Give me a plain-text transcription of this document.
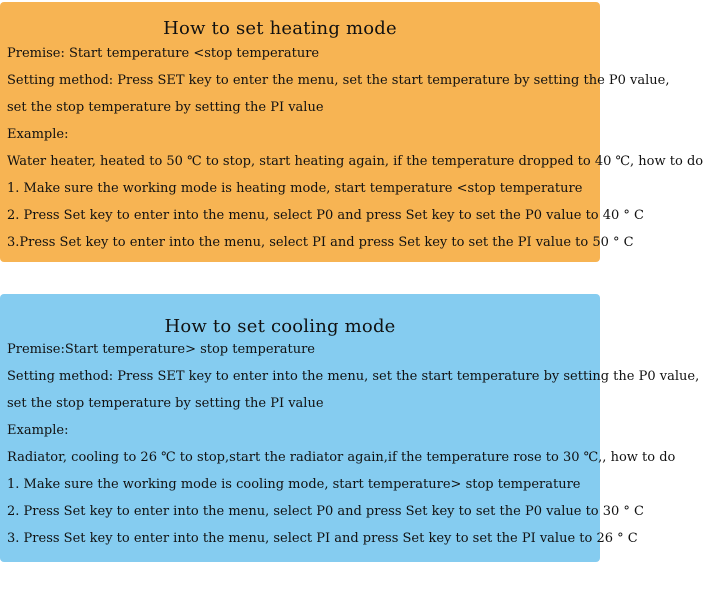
How to set heating mode
Premise: Start temperature <stop temperature
Setting method: Press SET key to enter the menu, set the start temperature by setting the P0 value,
set the stop temperature by setting the PI value
Example:
Water heater, heated to 50 ℃ to stop, start heating again, if the temperature dropped to 40 ℃, how to do
1. Make sure the working mode is heating mode, start temperature <stop temperature
2. Press Set key to enter into the menu, select P0 and press Set key to set the P0 value to 40 ° C
3.Press Set key to enter into the menu, select PI and press Set key to set the PI value to 50 ° C
How to set cooling mode
Premise:Start temperature> stop temperature
Setting method: Press SET key to enter into the menu, set the start temperature by setting the P0 value,
set the stop temperature by setting the PI value
Example:
Radiator, cooling to 26 ℃ to stop,start the radiator again,if the temperature rose to 30 ℃,, how to do
1. Make sure the working mode is cooling mode, start temperature> stop temperature
2. Press Set key to enter into the menu, select P0 and press Set key to set the P0 value to 30 ° C
3. Press Set key to enter into the menu, select PI and press Set key to set the PI value to 26 ° C
